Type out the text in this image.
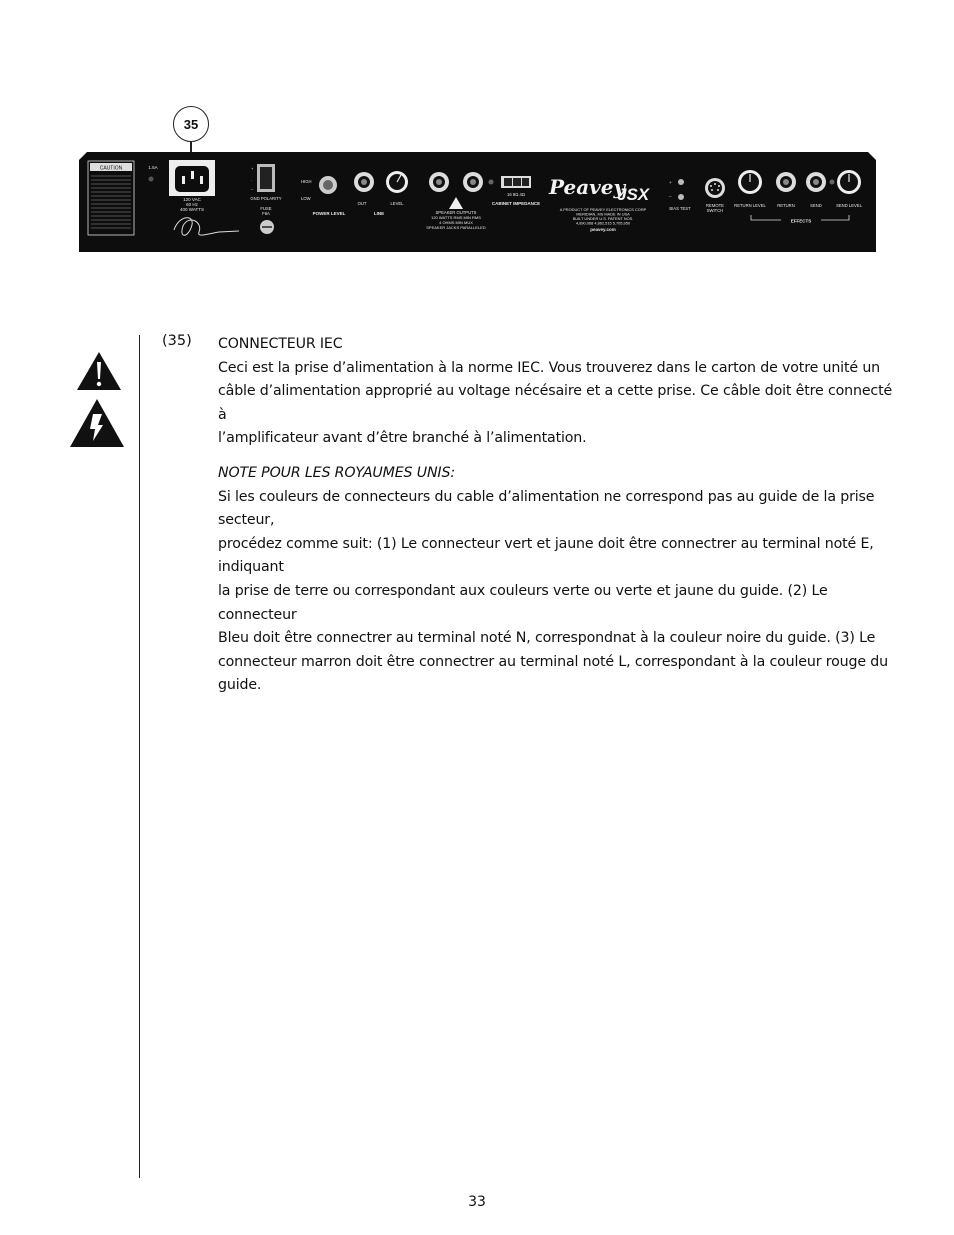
35
CAUTION	1.5A
120 VAC
60 Hz
400 WATTS
+
·
–
GND POLARITY
FUSE
F6A
HIGH
LOW
POWER LEVEL
OUT	LEVEL
LINE	SPEAKER OUTPUTS
120 WATTS RMS MIN RMS
4 OHMS MIN MUX
SPEAKER JACKS PARALLELED
16 8Ω 4Ω
CABINET IMPEDANCE
Peavey
JSX
A PRODUCT OF PEAVEY ELECTRONICS CORP
MERIDIAN, MS MADE IN USA
BUILT UNDER U.S. PATENT NOS.
4,890,068 4,862,515 5,705,950
peavey.com
+
–
BIAS TEST
REMOTE
SWITCH
RETURN LEVEL	RETURN	SEND	SEND LEVEL
EFFECTS
(35) CONNECTEUR IEC

Ceci est la prise d’alimentation à la norme IEC. Vous trouverez dans le carton de votre unité un

câble d’alimentation approprié au voltage nécésaire et a cette prise. Ce câble doit être connecté à

l’amplificateur avant d’être branché à l’alimentation.

NOTE POUR LES ROYAUMES UNIS:

Si les couleurs de connecteurs du cable d’alimentation ne correspond pas au guide de la prise secteur,

procédez comme suit: (1) Le connecteur vert et jaune doit être connectrer au terminal noté E, indiquant

la prise de terre ou correspondant aux couleurs verte ou verte et jaune du guide. (2) Le connecteur

Bleu doit être connectrer au terminal noté N, correspondnat à la couleur noire du guide. (3) Le

connecteur marron doit être connectrer au terminal noté L, correspondant à la couleur rouge du guide.

33
